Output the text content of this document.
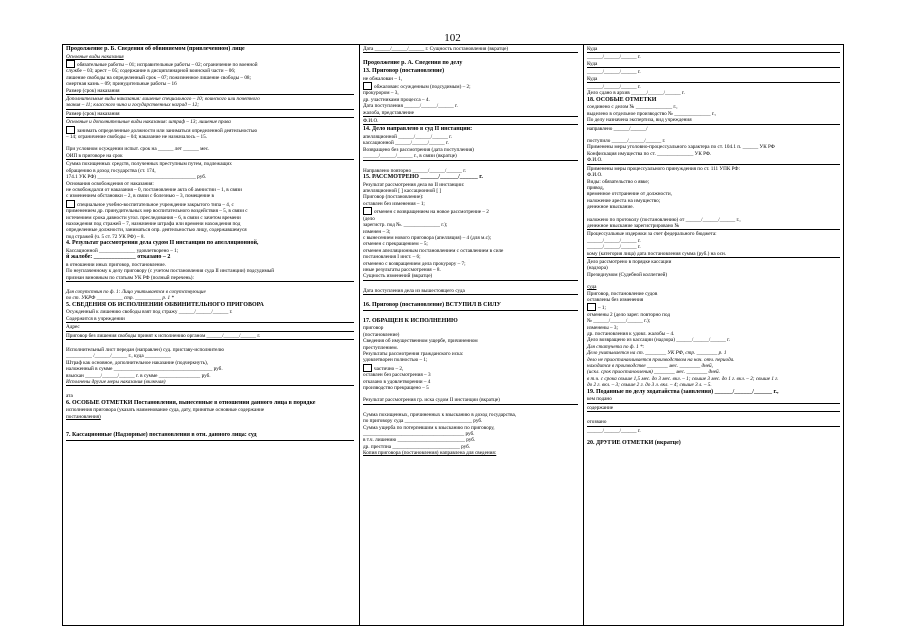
102
Продолжение р. Б. Сведения об обвиняемом (привлеченном) лице
Основные виды наказания
обязательные работы – 01; исправительные работы – 02; ограничение по военной
службе – 03; арест – 05; содержание в дисциплинарной воинской части – 06;
лишение свободы на определенный срок – 07; пожизненное лишение свободы – 08;
смертная казнь – 09; принудительные работы – 16
Размер (срок) наказания
Дополнительные виды наказания: лишение специального – 10; воинского или почетного
звания – 11; классного чина и государственных наград – 12;
Размер (срок) наказания
Основные и дополнительные виды наказания: штраф – 13; лишение права
занимать определенные должности или заниматься определенной деятельностью
– 14; ограничение свободы – 04; наказание не назначалось – 15.
При условном осуждении испыт. срок на ______ лет ______ мес.
ОИП в приговоре на срок
Сумма похищенных средств, полученных преступным путем, подлежащих
обращению в доход государства (ст. 174,
174.1 УК РФ) ______________________________________ руб.
Основания освобождения от наказания:
не освобождался от наказания – 0, постановление акта об амнистии – 1, в связи
с изменением обстановки – 2, в связи с болезнью – 3, помещение в
специальное учебно-воспитательное учреждение закрытого типа – 4, с
применением др. принудительных мер воспитательного воздействия – 5, в связи с
истечением срока давности угол. преследования – 6, в связи с зачетом времени
нахождения под стражей – 7, назначение штрафа или времени нахождения под
определенные должности, заниматься опр. деятельностью лицу, содержавшемуся
под стражей (ч. 5 ст. 72 УК РФ) – 8.
4. Результат рассмотрения дела судом II инстанции по апелляционной,
Кассационной ______________ удовлетворено – 1;
й жалобе: ______________ отказано – 2
в отношении иных приговор, постановление.
По неуплаченному к делу приговору (с учетом постановления суда II инстанции) подсудимый
признан виновным по статьям УК РФ (полный перечень):
Для сопутствия по ф. 1: Лицо учитывается в сопутствующие
по ст. УКРФ __________ стр. __________ р. 1 *
5. СВЕДЕНИЯ ОБ ИСПОЛНЕНИИ ОБВИНИТЕЛЬНОГО ПРИГОВОРА
Осужденный к лишению свободы взят под стражу ______/______/______ г.
Содержится в учреждении
Адрес
Приговор без лишения свободы принят к исполнению органом ______/______/______ г.
Исполнительный лист передан (направлен) суд. приставу-исполнителю
__________ /______/______ г., куда __________
Штраф как основное, дополнительное наказание (подчеркнуть),
наложенный в сумме ______________________________________ руб.
взыскан ______/______/______ г. в сумме ________________ руб.
Исполнены другие меры наказания (включая)
ата
6. ОСОБЫЕ ОТМЕТКИ Постановления, вынесенные в отношении данного лица в порядке
исполнения приговора (указать наименование суда, дату, принятые основные содержание
постановления)
7. Кассационные (Надзорные) постановления в отн. данного лица: суд
Дата ______/______/______ г. Сущность постановления (вкратце)
Продолжение р. А. Сведения по делу
13. Приговор (постановление)
не обжалован – 1,
обжалован: осужденным (подсудимым) – 2;
прокурором – 3,
др. участниками процесса – 4.
Дата поступления ______/______/______ г.
жалоба, представление
Ф.И.О.
14. Дело направлено в суд II инстанции:
апелляционной ______/______/______ г.
кассационной ______/______/______ г.
Возвращено без рассмотрения (дата поступления)
______/______/______ г., в связи (вкратце)
Направлено повторно ______/______/______ г.
15. РАССМОТРЕНО ______/______/______ г.
Результат рассмотрения дела во II инстанции:
апелляционной [ ] кассационной [ ]
Приговор (постановление):
оставлен без изменения – 1;
отменен с возвращением на новое рассмотрение – 2
(дело
зарегистр. под №. ______________ г.);
изменен – 3;
с вынесением нового приговора (апелляция) – 4 (для м.с);
отменен с прекращением – 5;
отменен апелляционным постановлением с оставлением в силе
постановления I инст. – 6;
отменено с возвращением дела прокурору – 7;
иные результаты рассмотрения – 8.
Сущность изменений (вкратце)
Дата поступления дела из вышестоящего суда
16. Приговор (постановление) ВСТУПИЛ В СИЛУ
17. ОБРАЩЕН К ИСПОЛНЕНИЮ
приговор
(постановление)
Сведения об имущественном ущербе, причиненном
преступлением.
Результаты рассмотрения гражданского иска:
удовлетворен полностью – 1;
частично – 2,
оставлен без рассмотрения – 3
отказано в удовлетворении – 4
производство прекращено – 5
Результат рассмотрения гр. иска судом II инстанции (вкратце)
Сумма похищенных, причиненных к взысканию в доход государства,
по приговору суда __________________________ руб.
Сумма ущерба по потерпевшим к взысканию по приговору,
_______________________________________ руб.
в т.ч. лишению __________________________ руб.
др. престпна __________________________ руб.
Копия приговора (постановления) направлена для сведения:
Куда
______/______/______ г.
Куда
______/______/______ г.
Куда
______/______/______ г.
Дело сдано в архив ______/______/______ г.
18. ОСОБЫЕ ОТМЕТКИ
соединено с делом № ______________ г.,
выделено в отдельное производство № ______________ г.,
По делу назначена экспертиза, вид учреждения
направлено ______/______/
поступило ______/______/______ г.
Применены меры уголовно-процессуального характера по ст. 104.1 п. ______ УК РФ
Конфискация имущества по ст. ______________ УК РФ.
Ф.И.О.
Применены меры процессуального принуждения по ст. 111 УПК РФ:
Ф.И.О.
Виды: обязательство о явке;
привод,
временное отстранение от должности,
наложение ареста на имущество;
денежное взыскание.
наложено по протоколу (постановлению) от ______/______/______ г.,
денежное взыскание зарегистрировано №
Процессуальные издержки за счет федерального бюджета:
______/______/______ г.
______/______/______ г.
кому (категория лица) дата постановления сумма (руб.) на осн.
Дело рассмотрено в порядке кассации
(надзора)
Президиумом (Судебной коллегией)
суда
Приговор, постановление судов
оставлены без изменения
– 1;
отменены 2 (дело зарег. повторно под
№ ______/______/______ г.);
изменены – 3;
др. постановления к удовл. жалобы – 4.
Дело возвращено из кассации (надзора) ______/______/______ г.
Для статучета по ф. 1 *:
Дело учитывается на ст. ________ УК РФ, стр. ________ р. 1
дело не приостанавливается производством на нач. отч. периода.
находится в производстве ________ мес. ________ дней,
(искл. срок приостановления) ________ мес. ________ дней.
в т.ч. с срока свыше 1,5 мес. до 3 мес. вкл. – 1; свыше 3 мес. до 1 г. вкл. – 2; свыше 1 г.
до 2 г. вкл. – 3; свыше 2 г. до 3 л. вкл. – 4; свыше 3 л. – 5.
19. Поданные по делу ходатайства (заявления) ______/______/______ г.,
кем подано
содержание
отозвано
______/______/______ г.
20. ДРУГИЕ ОТМЕТКИ (вкратце)
